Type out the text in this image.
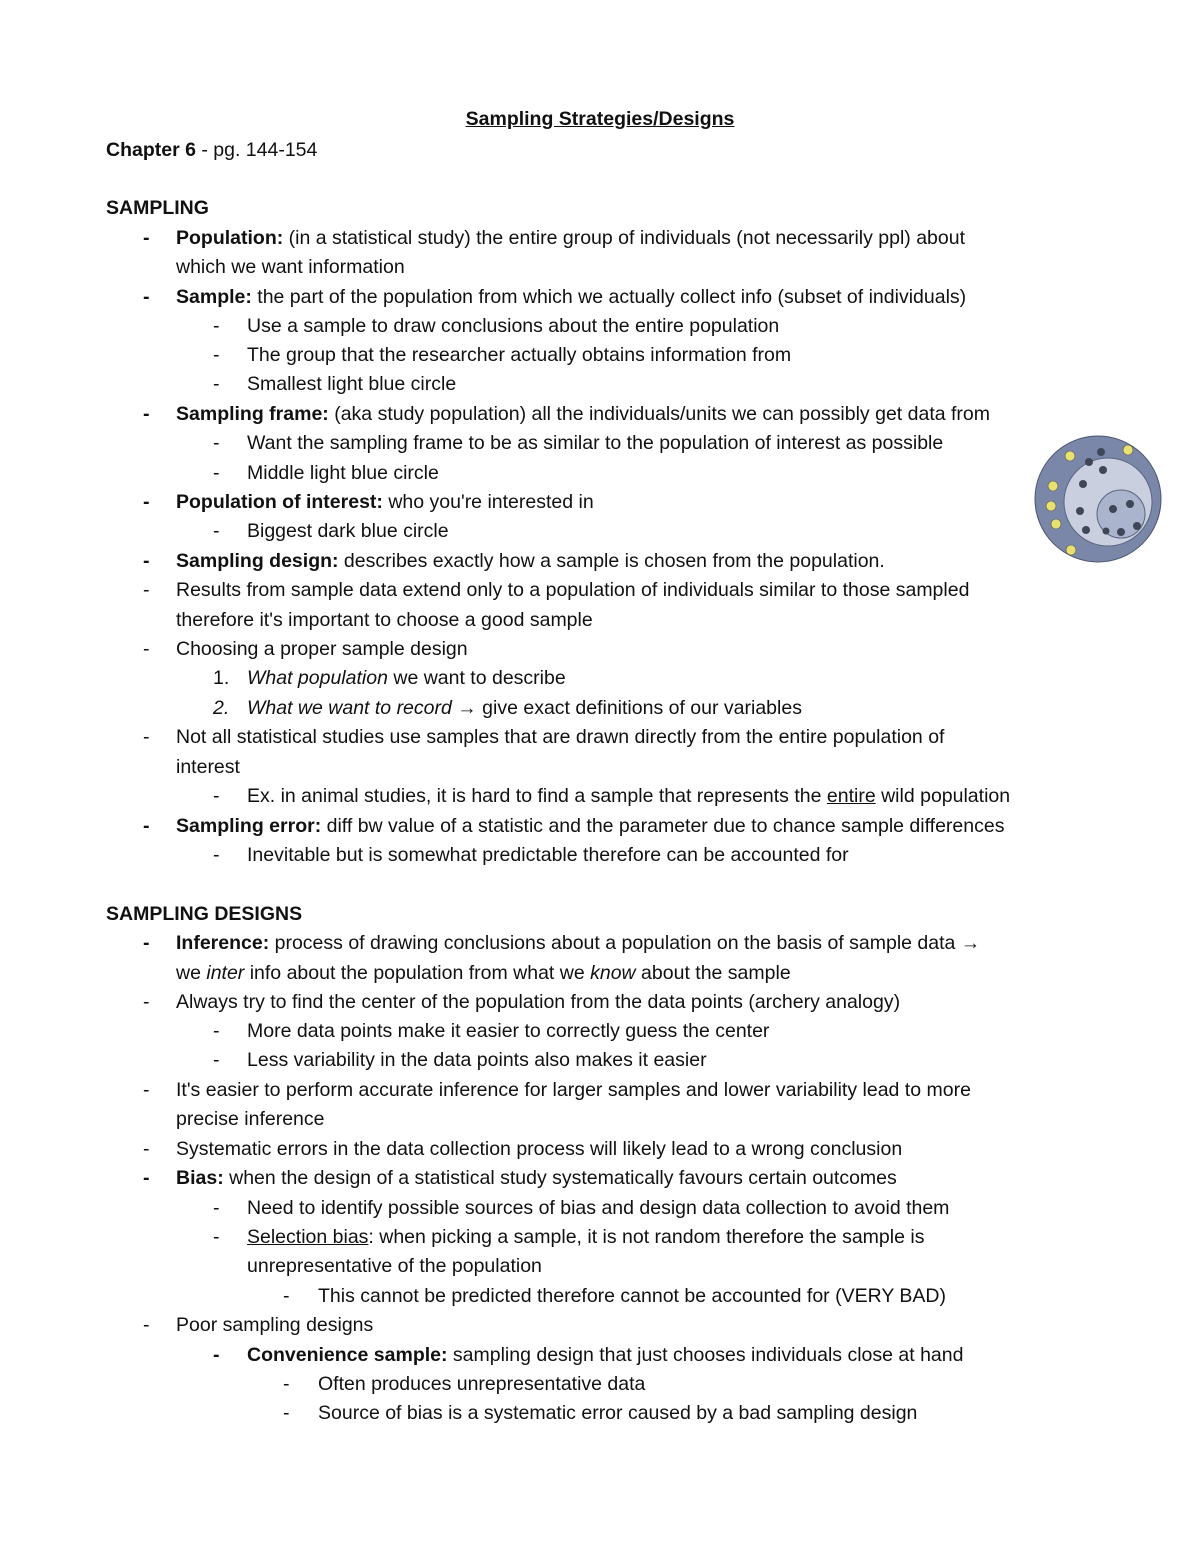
Sampling Strategies/Designs
Chapter 6 - pg. 144-154
SAMPLING
- Population: (in a statistical study) the entire group of individuals (not necessarily ppl) about
which we want information
- Sample: the part of the population from which we actually collect info (subset of individuals)
- Use a sample to draw conclusions about the entire population
- The group that the researcher actually obtains information from
- Smallest light blue circle
- Sampling frame: (aka study population) all the individuals/units we can possibly get data from
- Want the sampling frame to be as similar to the population of interest as possible
- Middle light blue circle
- Population of interest: who you're interested in
- Biggest dark blue circle
- Sampling design: describes exactly how a sample is chosen from the population.
- Results from sample data extend only to a population of individuals similar to those sampled
therefore it's important to choose a good sample
- Choosing a proper sample design
1. What population we want to describe
2. What we want to record → give exact definitions of our variables
- Not all statistical studies use samples that are drawn directly from the entire population of
interest
- Ex. in animal studies, it is hard to find a sample that represents the entire wild population
- Sampling error: diff bw value of a statistic and the parameter due to chance sample differences
- Inevitable but is somewhat predictable therefore can be accounted for
SAMPLING DESIGNS
- Inference: process of drawing conclusions about a population on the basis of sample data →
we inter info about the population from what we know about the sample
- Always try to find the center of the population from the data points (archery analogy)
- More data points make it easier to correctly guess the center
- Less variability in the data points also makes it easier
- It's easier to perform accurate inference for larger samples and lower variability lead to more
precise inference
- Systematic errors in the data collection process will likely lead to a wrong conclusion
- Bias: when the design of a statistical study systematically favours certain outcomes
- Need to identify possible sources of bias and design data collection to avoid them
- Selection bias: when picking a sample, it is not random therefore the sample is
unrepresentative of the population
- This cannot be predicted therefore cannot be accounted for (VERY BAD)
- Poor sampling designs
- Convenience sample: sampling design that just chooses individuals close at hand
- Often produces unrepresentative data
- Source of bias is a systematic error caused by a bad sampling design
